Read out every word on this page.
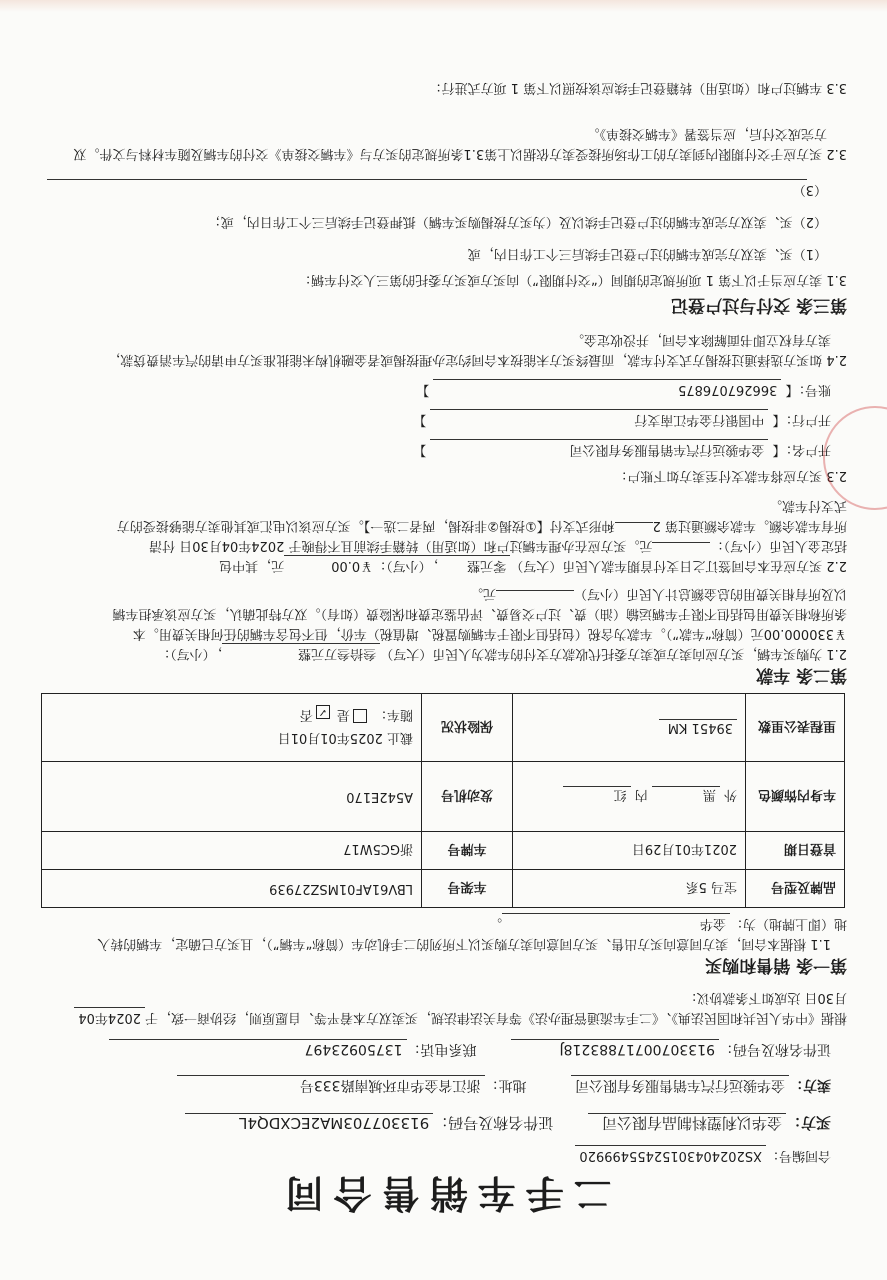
二手车销售合同
合同编号：XS20240430152455499920
买方：金华以利塑料制品有限公司 证件名称及号码：913307703MA2ECXDQ4L
卖方：金华骏远行汽车销售服务有限公司 地址：浙江省金华市环城南路333号
证件名称及号码：91330700717883218J 联系电话：13750923497
根据《中华人民共和国民法典》、《二手车流通管理办法》等有关法律法规，买卖双方本着平等、自愿原则，经协商一致，于2024年04
月30日 达成如下条款协议:
第一条 销售和购买
1.1 根据本合同，卖方同意向买方出售、买方同意向卖方购买以下所列的二手机动车（简称“车辆”），且买方已确定，车辆的转入
地（即上牌地）为：金华。
品牌及型号	宝马 5系	车架号	LBV61AF01MSZ27939
首登日期	2021年01月29日	车牌号	浙GC5W17
车身内饰颜色	外 黑 内 红	发动机号	A542E170
里程表公里数	39451 KM	保险状况	截止 2025年01月01日
随车： 是 ✓否
第二条 车款
2.1 为购买车辆，买方应向卖方或卖方委托代收款方支付的车款为人民币（大写）叁拾叁万元整，（小写）：
￥330000.00元（简称“车款”）。车款为含税（包括但不限于车辆购置税、增值税）车价，但不包含车辆的任何相关费用。本
条所称相关费用包括但不限于车辆运输（油）费、过户交易费、评估鉴定费和保险费（如有）。双方特此确认，买方应该承担车辆
以及所有相关费用的总金额总计人民币（小写）元。
2.2 买方应在本合同签订之日支付首期车款人民币（大写）零元整，（小写）：￥0.00元，其中包
括定金人民币（小写）：元。买方应在办理车辆过户和（如适用）转籍手续前且不得晚于 2024年04月30日 付清
所有车款余额。车款余额通过第 2种形式支付【①按揭②非按揭，两者二选一】。买方应该以电汇或其他卖方能够接受的方
式支付车款。
2.3 买方应将车款支付至卖方如下账户：
开户名：【 金华骏远行汽车销售服务有限公司 】
开户行：【 中国银行金华江南支行 】
账号：【 366267076875 】
2.4 如买方选择通过按揭方式支付车款，而最终买方未能按本合同约定办理按揭或者金融机构未能批准买方申请的汽车消费贷款，
卖方有权立即书面解除本合同，并没收定金。
第三条 交付与过户登记
3.1 卖方应当于以下第 1 项所规定的期间（“交付期限”）向买方或买方委托的第三人交付车辆：
（1）买、卖双方完成车辆的过户登记手续后三个工作日内，或
（2）买、卖双方完成车辆的过户登记手续以及（为买方按揭购买车辆）抵押登记手续后三个工作日内，或；
（3）
3.2 买方应于交付期限内到卖方的工作场所接受卖方依据以上第3.1条所规定的买方与《车辆交接单》交付的车辆及随车材料与文件。双
方完成交付后，应当签署《车辆交接单》。
3.3 车辆过户和（如适用）转籍登记手续应该按照以下第 1 项方式进行：
